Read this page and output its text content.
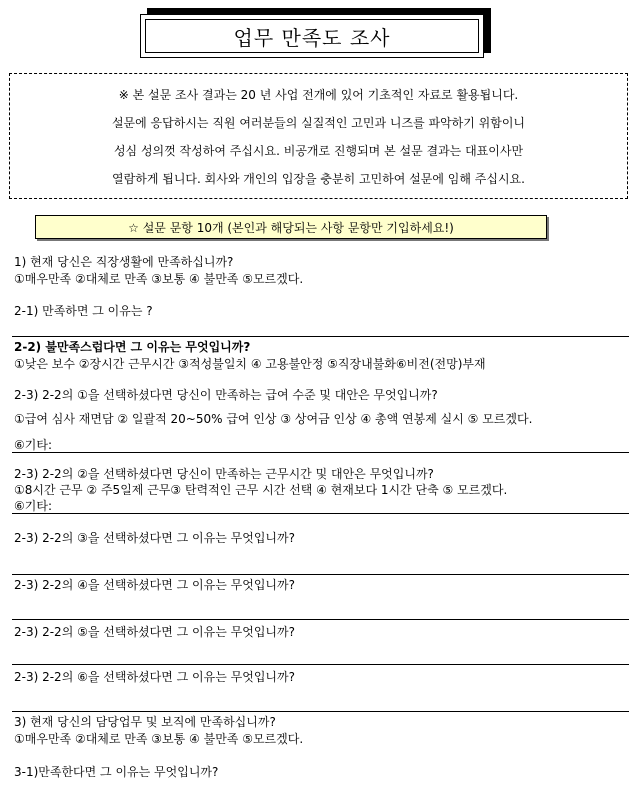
업무 만족도 조사
※ 본 설문 조사 결과는 20 년 사업 전개에 있어 기초적인 자료로 활용됩니다.
설문에 응답하시는 직원 여러분들의 실질적인 고민과 니즈를 파악하기 위함이니
성심 성의껏 작성하여 주십시요. 비공개로 진행되며 본 설문 결과는 대표이사만
열람하게 됩니다. 회사와 개인의 입장을 충분히 고민하여 설문에 임해 주십시요.
☆ 설문 문항 10개 (본인과 해당되는 사항 문항만 기입하세요!)
1) 현재 당신은 직장생활에 만족하십니까?
①매우만족 ②대체로 만족 ③보통 ④ 불만족 ⑤모르겠다.
2-1) 만족하면 그 이유는 ?
2-2) 불만족스럽다면 그 이유는 무엇입니까?
①낮은 보수 ②장시간 근무시간 ③적성불일치 ④ 고용불안정 ⑤직장내불화⑥비전(전망)부재
2-3) 2-2의 ①을 선택하셨다면 당신이 만족하는 급여 수준 및 대안은 무엇입니까?
①급여 심사 재면담 ② 일괄적 20~50% 급여 인상 ③ 상여금 인상 ④ 총액 연봉제 실시 ⑤ 모르겠다.
⑥기타:
2-3) 2-2의 ②을 선택하셨다면 당신이 만족하는 근무시간 및 대안은 무엇입니까?
①8시간 근무 ② 주5일제 근무③ 탄력적인 근무 시간 선택 ④ 현재보다 1시간 단축 ⑤ 모르겠다.
⑥기타:
2-3) 2-2의 ③을 선택하셨다면 그 이유는 무엇입니까?
2-3) 2-2의 ④을 선택하셨다면 그 이유는 무엇입니까?
2-3) 2-2의 ⑤을 선택하셨다면 그 이유는 무엇입니까?
2-3) 2-2의 ⑥을 선택하셨다면 그 이유는 무엇입니까?
3) 현재 당신의 담당업무 및 보직에 만족하십니까?
①매우만족 ②대체로 만족 ③보통 ④ 불만족 ⑤모르겠다.
3-1)만족한다면 그 이유는 무엇입니까?
